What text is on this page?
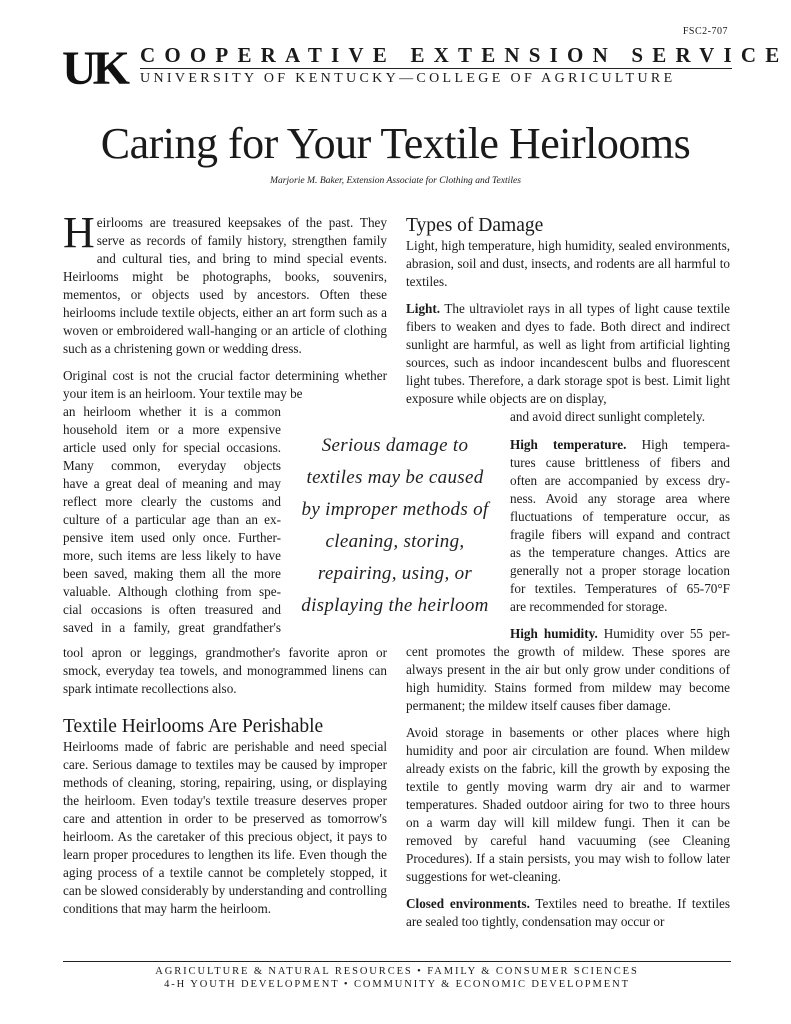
FSC2-707
UK COOPERATIVE EXTENSION SERVICE
UNIVERSITY OF KENTUCKY—COLLEGE OF AGRICULTURE
Caring for Your Textile Heirlooms
Marjorie M. Baker, Extension Associate for Clothing and Textiles

Heirlooms are treasured keepsakes of the past. They serve as records of family history, strengthen family and cultural ties, and bring to mind special events. Heirlooms might be photographs, books, souvenirs, mementos, or objects used by ancestors. Often these heirlooms include textile objects, either an art form such as a woven or embroidered wall-hanging or an article of clothing such as a christening gown or wedding dress.

Original cost is not the crucial factor determining whether your item is an heirloom. Your textile may be

an heirloom whether it is a common
household item or a more expensive
article used only for special occasions.
Many common, everyday objects
have a great deal of meaning and may
reflect more clearly the customs and
culture of a particular age than an ex-
pensive item used only once. Further-
more, such items are less likely to have
been saved, making them all the more
valuable. Although clothing from spe-
cial occasions is often treasured and
saved in a family, great grandfather's

tool apron or leggings, grandmother's favorite apron or smock, everyday tea towels, and monogrammed linens can spark intimate recollections also.

Textile Heirlooms Are Perishable

Heirlooms made of fabric are perishable and need special care. Serious damage to textiles may be caused by improper methods of cleaning, storing, repairing, using, or displaying the heirloom. Even today's textile treasure deserves proper care and attention in order to be preserved as tomorrow's heirloom. As the caretaker of this precious object, it pays to learn proper procedures to lengthen its life. Even though the aging process of a textile cannot be completely stopped, it can be slowed considerably by understanding and controlling conditions that may harm the heirloom.

Serious damage to textiles may be caused by improper methods of cleaning, storing, repairing, using, or displaying the heirloom
Types of Damage

Light, high temperature, high humidity, sealed environments, abrasion, soil and dust, insects, and rodents are all harmful to textiles.

Light. The ultraviolet rays in all types of light cause textile fibers to weaken and dyes to fade. Both direct and indirect sunlight are harmful, as well as light from artificial lighting sources, such as indoor incandescent bulbs and fluorescent light tubes. Therefore, a dark storage spot is best. Limit light exposure while objects are on display,

and avoid direct sunlight completely.
High temperature. High tempera-
tures cause brittleness of fibers and
often are accompanied by excess dry-
ness. Avoid any storage area where
fluctuations of temperature occur, as
fragile fibers will expand and contract
as the temperature changes. Attics are
generally not a proper storage location
for textiles. Temperatures of 65-70°F
are recommended for storage.
High humidity. Humidity over 55 per-

cent promotes the growth of mildew. These spores are always present in the air but only grow under conditions of high humidity. Stains formed from mildew may become permanent; the mildew itself causes fiber damage.

Avoid storage in basements or other places where high humidity and poor air circulation are found. When mildew already exists on the fabric, kill the growth by exposing the textile to gently moving warm dry air and to warmer temperatures. Shaded outdoor airing for two to three hours on a warm day will kill mildew fungi. Then it can be removed by careful hand vacuuming (see Cleaning Procedures). If a stain persists, you may wish to follow later suggestions for wet-cleaning.

Closed environments. Textiles need to breathe. If textiles are sealed too tightly, condensation may occur or

AGRICULTURE & NATURAL RESOURCES • FAMILY & CONSUMER SCIENCES
4-H YOUTH DEVELOPMENT • COMMUNITY & ECONOMIC DEVELOPMENT
